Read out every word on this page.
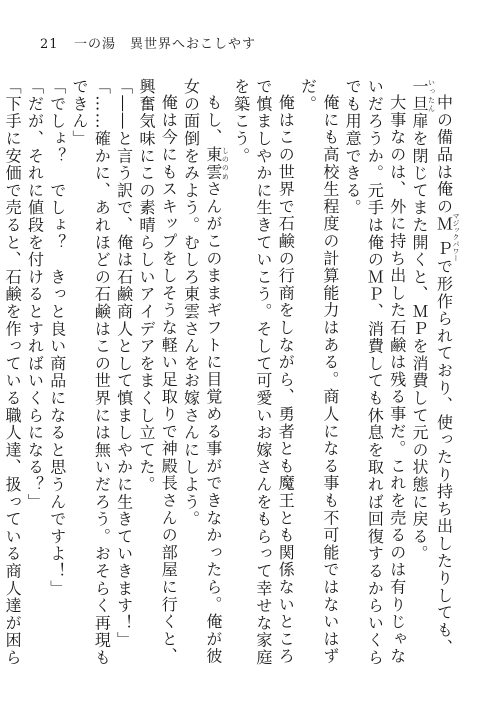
21 一の湯　異世界へおこしやす

中の備品は俺のＭＰマジックパワーで形作られており、使ったり持ち出したりしても、一旦いったん扉を閉じてまた開くと、ＭＰを消費して元の状態に戻る。

大事なのは、外に持ち出した石鹸は残る事だ。これを売るのは有りじゃないだろうか。元手は俺のＭＰ、消費しても休息を取れば回復するからいくらでも用意できる。

俺にも高校生程度の計算能力はある。商人になる事も不可能ではないはずだ。

俺はこの世界で石鹸の行商をしながら、勇者とも魔王とも関係ないところで慎ましやかに生きていこう。そして可愛いお嫁さんをもらって幸せな家庭を築こう。

もし、東雲しののめさんがこのままギフトに目覚める事ができなかったら。俺が彼女の面倒をみよう。むしろ東雲さんをお嫁さんにしよう。

俺は今にもスキップをしそうな軽い足取りで神殿長さんの部屋に行くと、興奮気味にこの素晴らしいアイデアをまくし立てた。

「――と言う訳で、俺は石鹸商人として慎ましやかに生きていきます！」

「……確かに、あれほどの石鹸はこの世界には無いだろう。おそらく再現もできん」

「でしょ？　でしょ？　きっと良い商品になると思うんですよ！」

「だが、それに値段を付けるとすればいくらになる？」

「下手に安価で売ると、石鹸を作っている職人達、扱っている商人達が困ら
